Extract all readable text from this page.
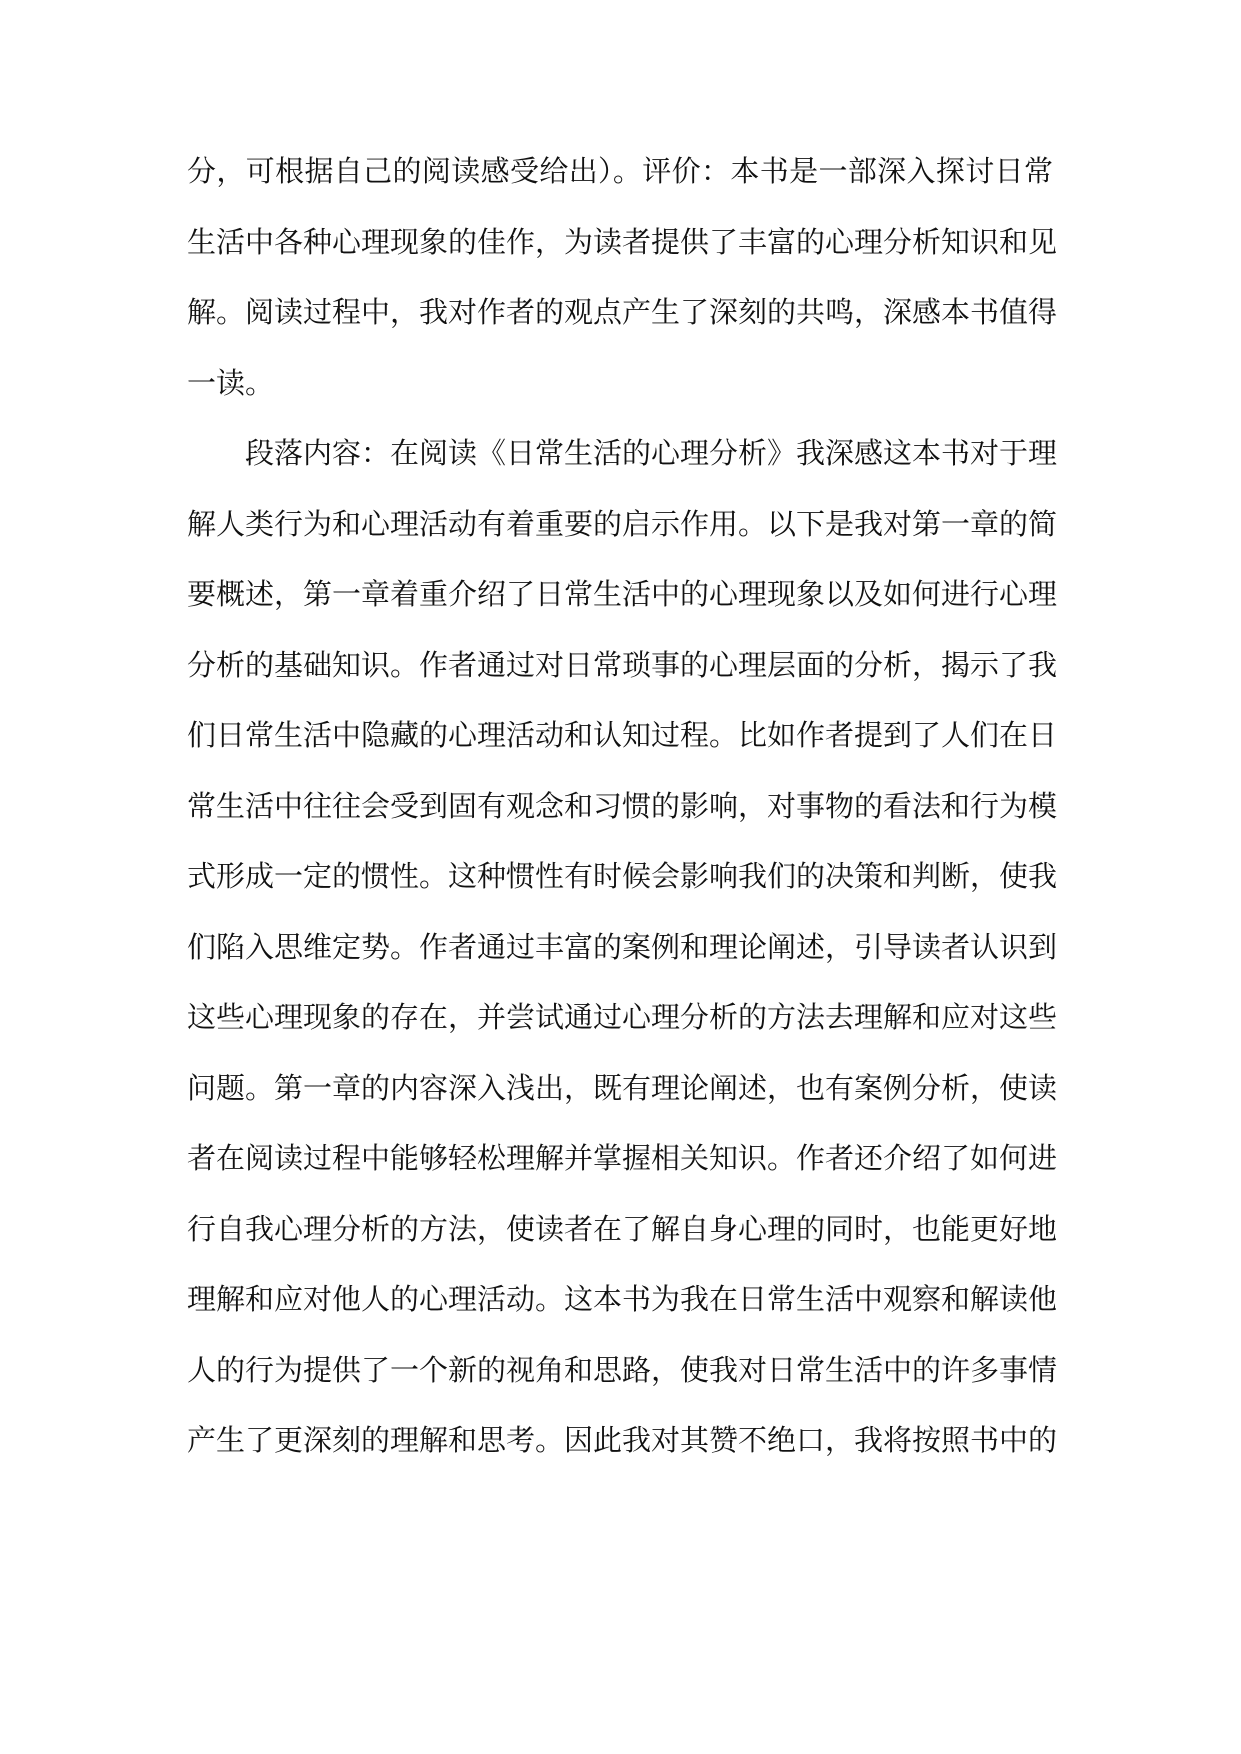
分，可根据自己的阅读感受给出）。评价：本书是一部深入探讨日常
生活中各种心理现象的佳作，为读者提供了丰富的心理分析知识和见
解。阅读过程中，我对作者的观点产生了深刻的共鸣，深感本书值得
一读。
段落内容：在阅读《日常生活的心理分析》我深感这本书对于理
解人类行为和心理活动有着重要的启示作用。以下是我对第一章的简
要概述，第一章着重介绍了日常生活中的心理现象以及如何进行心理
分析的基础知识。作者通过对日常琐事的心理层面的分析，揭示了我
们日常生活中隐藏的心理活动和认知过程。比如作者提到了人们在日
常生活中往往会受到固有观念和习惯的影响，对事物的看法和行为模
式形成一定的惯性。这种惯性有时候会影响我们的决策和判断，使我
们陷入思维定势。作者通过丰富的案例和理论阐述，引导读者认识到
这些心理现象的存在，并尝试通过心理分析的方法去理解和应对这些
问题。第一章的内容深入浅出，既有理论阐述，也有案例分析，使读
者在阅读过程中能够轻松理解并掌握相关知识。作者还介绍了如何进
行自我心理分析的方法，使读者在了解自身心理的同时，也能更好地
理解和应对他人的心理活动。这本书为我在日常生活中观察和解读他
人的行为提供了一个新的视角和思路，使我对日常生活中的许多事情
产生了更深刻的理解和思考。因此我对其赞不绝口，我将按照书中的
